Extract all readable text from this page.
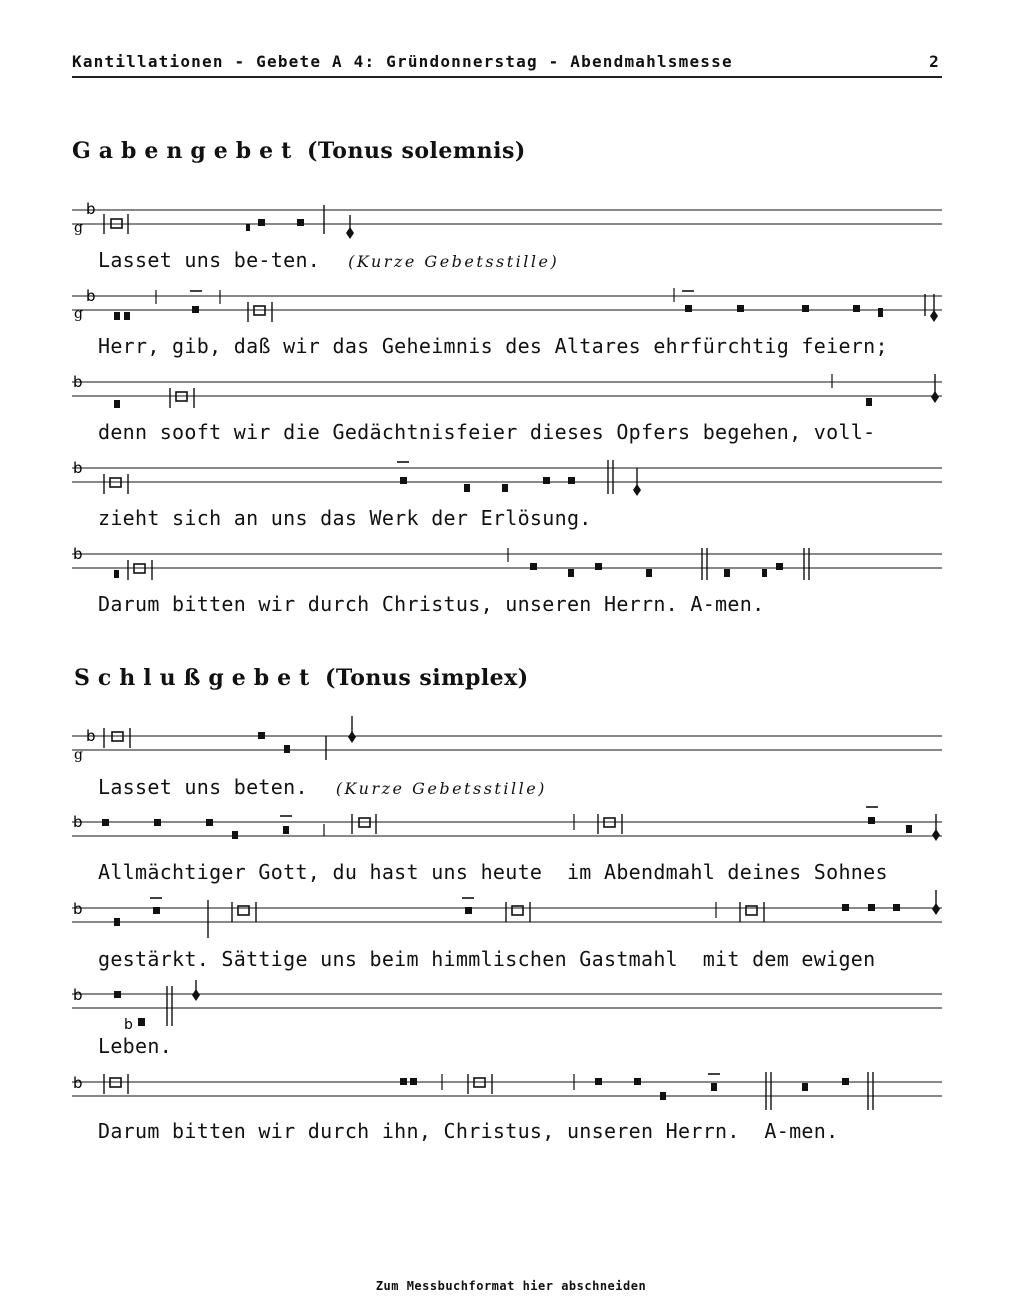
Kantillationen - Gebete A 4: Gründonnerstag - Abendmahlsmesse	2
Gabengebet (Tonus solemnis)
b
g
Lasset uns be-ten. (Kurze Gebetsstille)
b
g
Herr, gib, daß wir das Geheimnis des Altares ehrfürchtig feiern;
b
denn sooft wir die Gedächtnisfeier dieses Opfers begehen, voll-
b
zieht sich an uns das Werk der Erlösung.
b
Darum bitten wir durch Christus, unseren Herrn. A-men.
Schlußgebet (Tonus simplex)
b
g
Lasset uns beten. (Kurze Gebetsstille)
b
Allmächtiger Gott, du hast uns heute  im Abendmahl deines Sohnes
b
gestärkt. Sättige uns beim himmlischen Gastmahl  mit dem ewigen
b
b
Leben.
b
Darum bitten wir durch ihn, Christus, unseren Herrn.  A-men.
Zum Messbuchformat hier abschneiden
